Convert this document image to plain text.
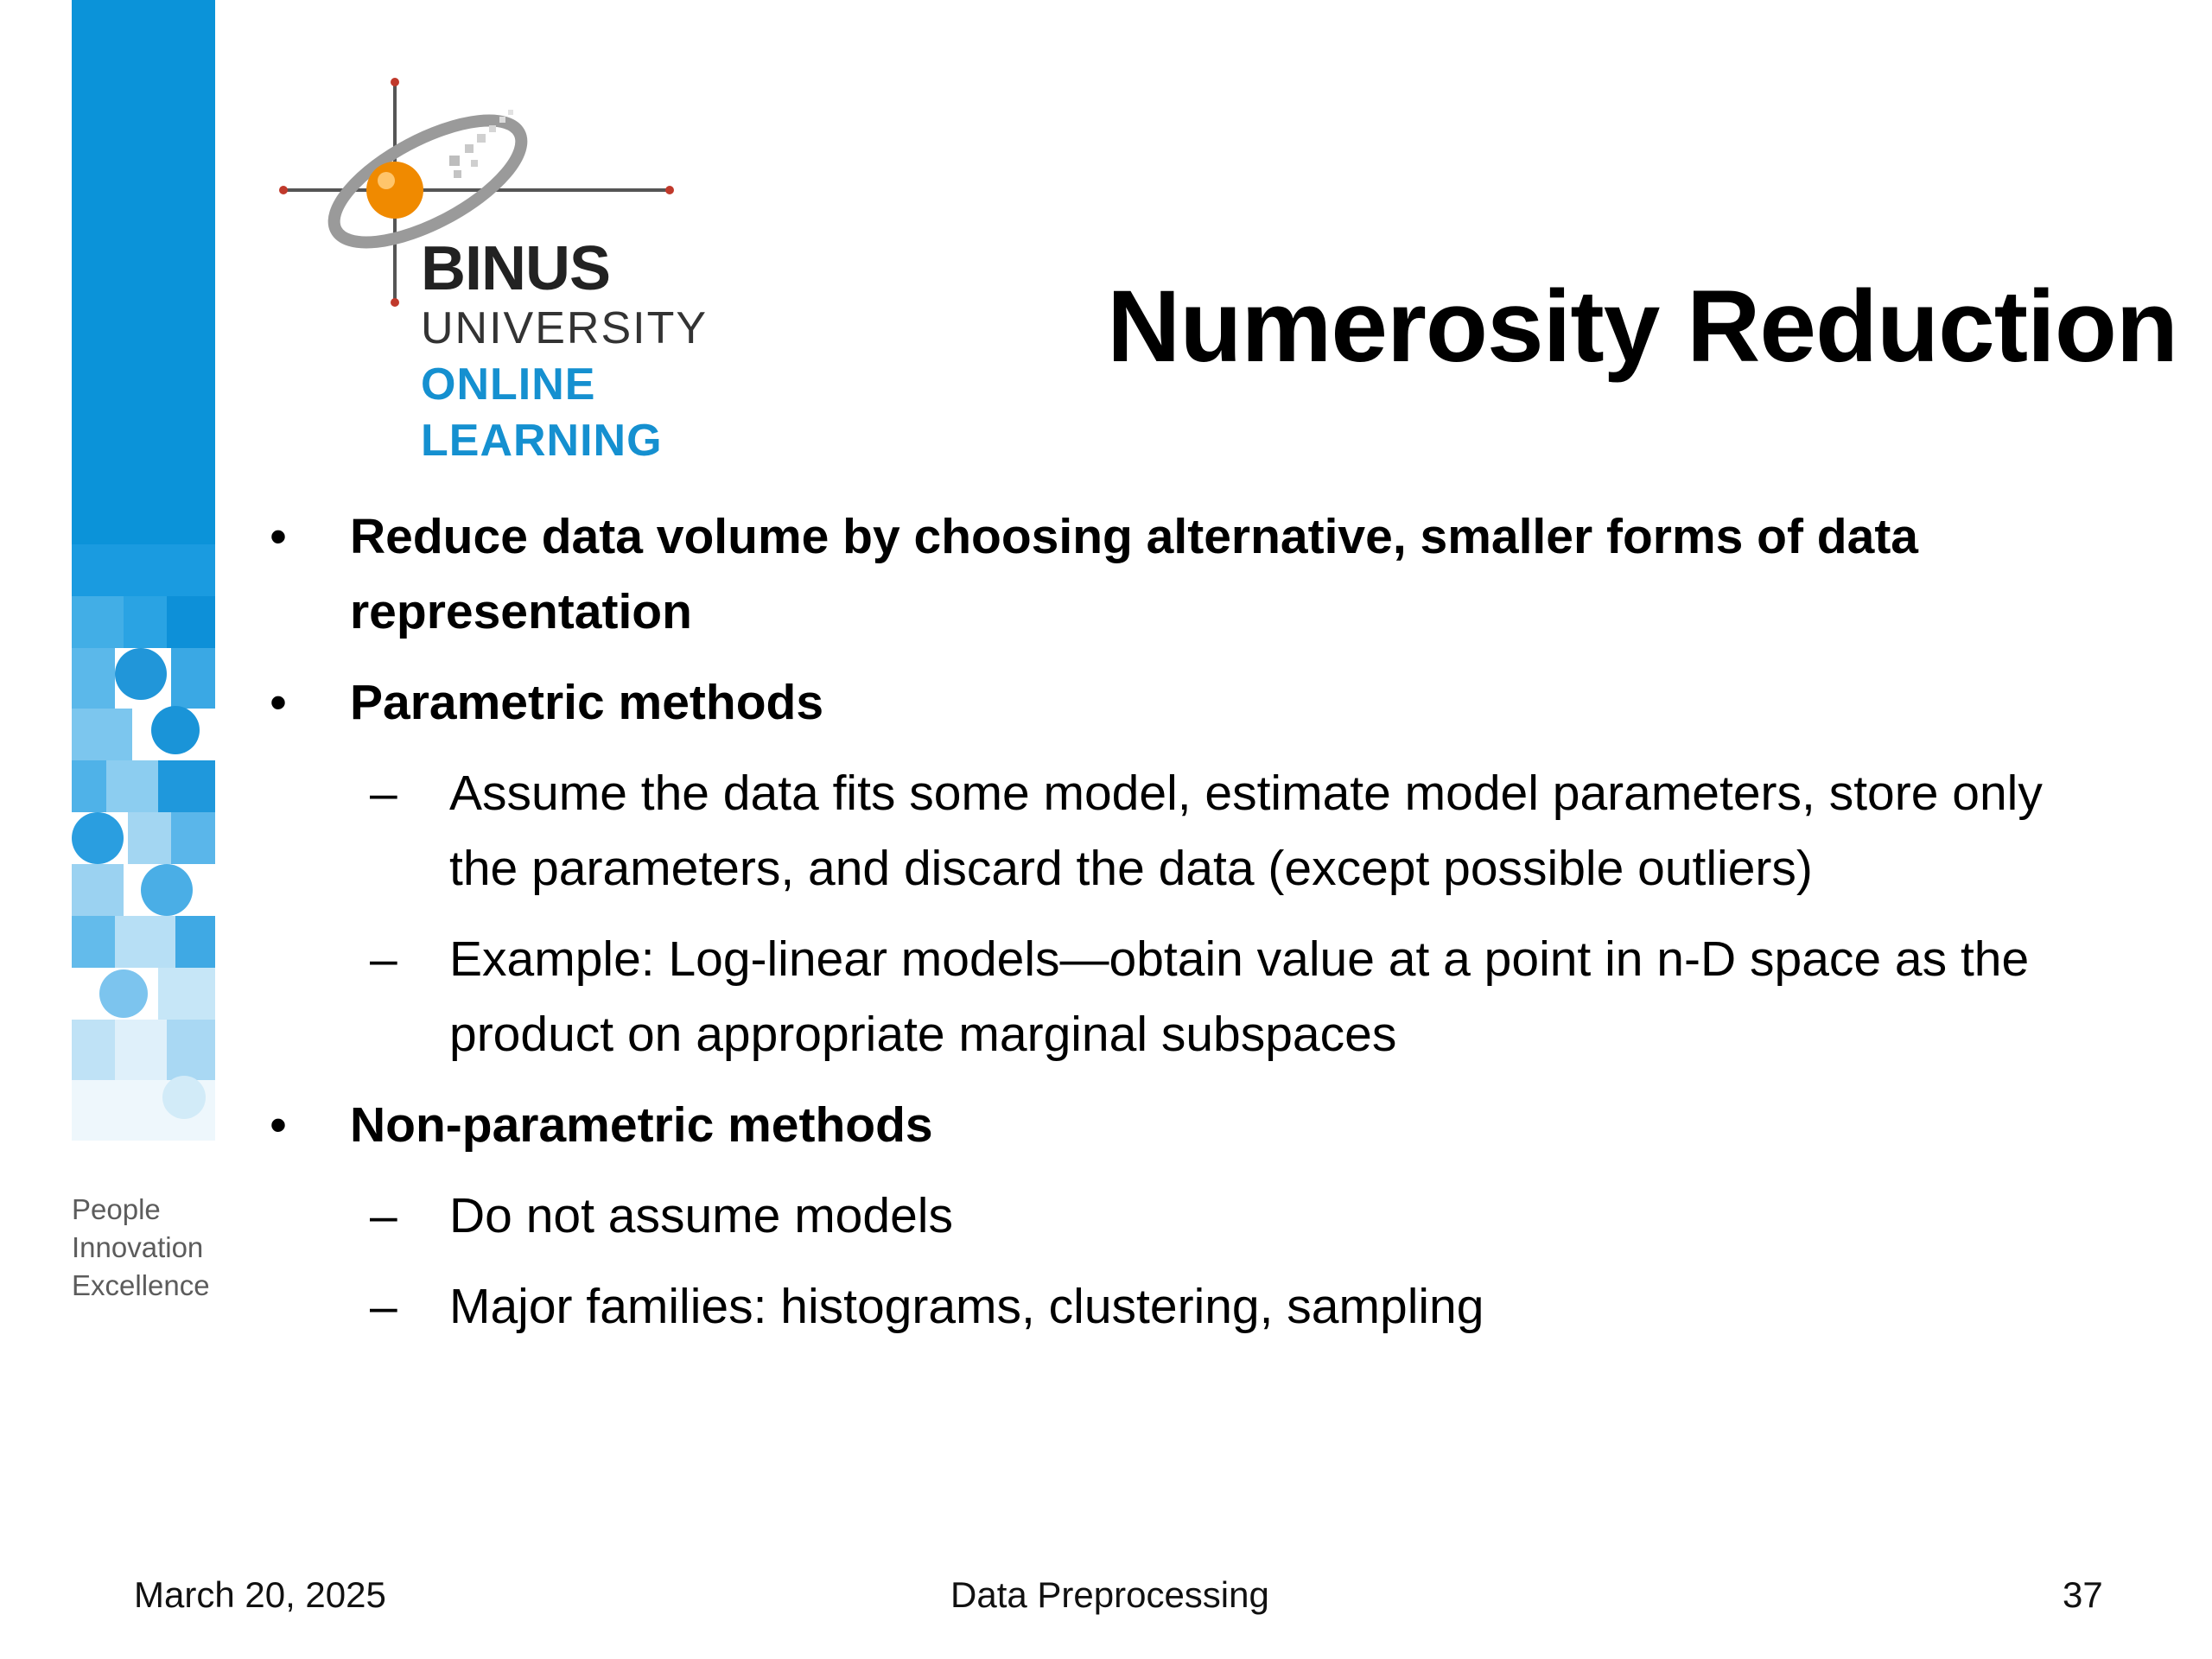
People
Innovation
Excellence
BINUS
UNIVERSITY
ONLINE
LEARNING
Numerosity Reduction
• Reduce data volume by choosing alternative, smaller forms of data representation
• Parametric methods
– Assume the data fits some model, estimate model parameters, store only the parameters, and discard the data (except possible outliers)
– Example: Log-linear models—obtain value at a point in n-D space as the product on appropriate marginal subspaces
• Non-parametric methods
– Do not assume models
– Major families: histograms, clustering, sampling
March 20, 2025	Data Preprocessing	37
